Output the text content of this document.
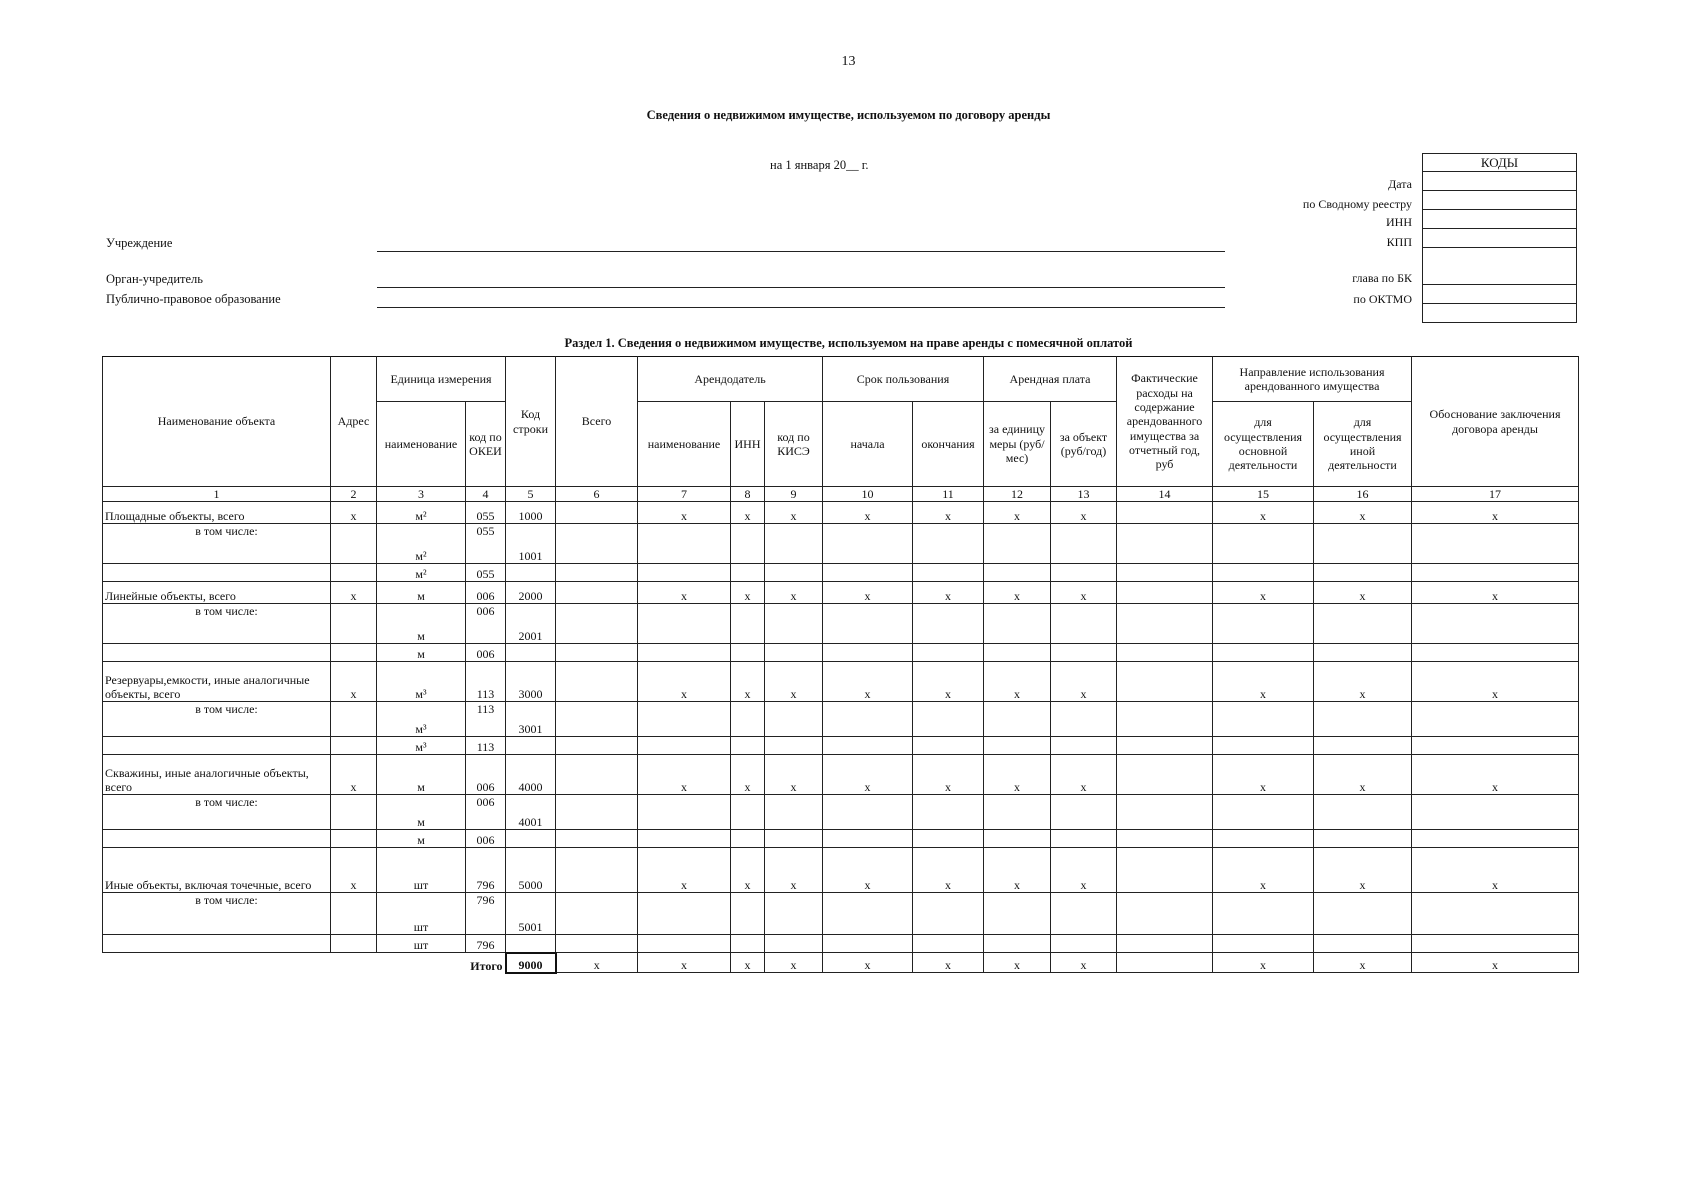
13
Сведения о недвижимом имуществе, используемом по договору аренды
на 1 января 20__ г.
Учреждение
Орган-учредитель
Публично-правовое образование
Дата
по Сводному реестру
ИНН
КПП
глава по БК
по ОКТМО
КОДЫ

Раздел 1. Сведения о недвижимом имуществе, используемом на праве аренды с помесячной оплатой
Наименование объекта	Адрес	Единица измерения		Код строки	Всего	Арендодатель			Срок пользования		Арендная плата		Фактические расходы на содержание арендованного имущества за отчетный год, руб	Направление использования арендованного имущества		Обоснование заключения договора аренды
		наименование	код по ОКЕИ			наименование	ИНН	код по КИСЭ	начала	окончания	за единицу меры (руб/мес)	за объект (руб/год)		для осуществления основной деятельности	для осуществления иной деятельности	
1	2	3	4	5	6	7	8	9	10	11	12	13	14	15	16	17
Площадные объекты, всего	x	м²	055	1000		x	x	x	x	x	x	x		x	x	x
в том числе:		м²	055	1001												
		м²	055													
Линейные объекты, всего	x	м	006	2000		x	x	x	x	x	x	x		x	x	x
в том числе:		м	006	2001												
		м	006													
Резервуары,емкости, иные аналогичные объекты, всего	x	м³	113	3000		x	x	x	x	x	x	x		x	x	x
в том числе:		м³	113	3001												
		м³	113													
Скважины, иные аналогичные объекты, всего	x	м	006	4000		x	x	x	x	x	x	x		x	x	x
в том числе:		м	006	4001												
		м	006													
Иные объекты, включая точечные, всего	x	шт	796	5000		x	x	x	x	x	x	x		x	x	x
в том числе:		шт	796	5001												
		шт	796													
Итого				9000	x	x	x	x	x	x	x	x		x	x	x
